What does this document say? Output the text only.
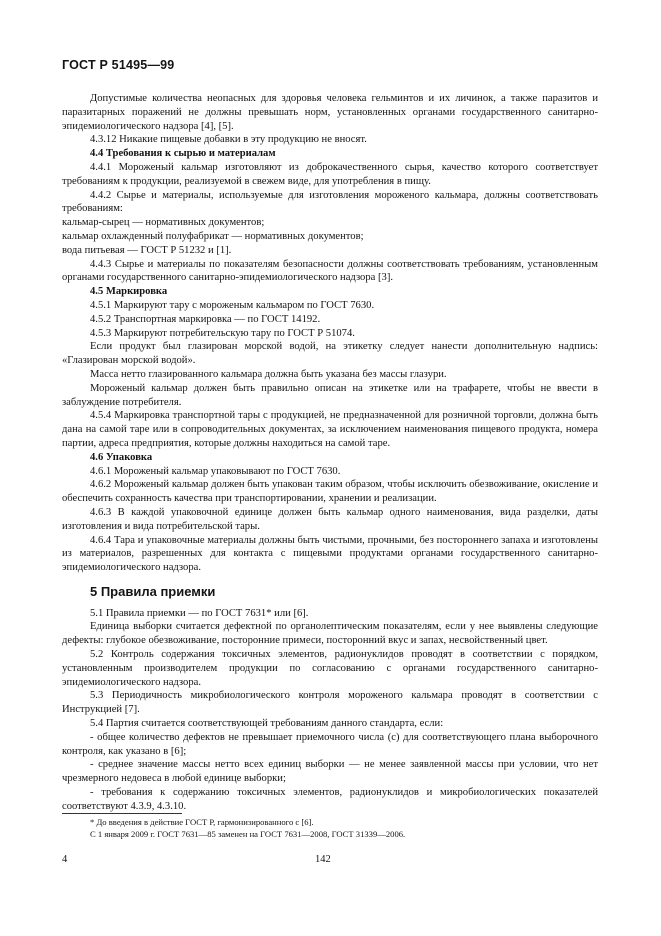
ГОСТ Р 51495—99

Допустимые количества неопасных для здоровья человека гельминтов и их личинок, а также паразитов и паразитарных поражений не должны превышать норм, установленных органами государственного санитарно-эпидемиологического надзора [4], [5].

4.3.12 Никакие пищевые добавки в эту продукцию не вносят.

4.4 Требования к сырью и материалам

4.4.1 Мороженый кальмар изготовляют из доброкачественного сырья, качество которого соответствует требованиям к продукции, реализуемой в свежем виде, для употребления в пищу.

4.4.2 Сырье и материалы, используемые для изготовления мороженого кальмара, должны соответствовать требованиям:

кальмар-сырец — нормативных документов;

кальмар охлажденный полуфабрикат — нормативных документов;

вода питьевая — ГОСТ Р 51232 и [1].

4.4.3 Сырье и материалы по показателям безопасности должны соответствовать требованиям, установленным органами государственного санитарно-эпидемиологического надзора [3].

4.5 Маркировка

4.5.1 Маркируют тару с мороженым кальмаром по ГОСТ 7630.

4.5.2 Транспортная маркировка — по ГОСТ 14192.

4.5.3 Маркируют потребительскую тару по ГОСТ Р 51074.

Если продукт был глазирован морской водой, на этикетку следует нанести дополнительную надпись: «Глазирован морской водой».

Масса нетто глазированного кальмара должна быть указана без массы глазури.

Мороженый кальмар должен быть правильно описан на этикетке или на трафарете, чтобы не ввести в заблуждение потребителя.

4.5.4 Маркировка транспортной тары с продукцией, не предназначенной для розничной торговли, должна быть дана на самой таре или в сопроводительных документах, за исключением наименования пищевого продукта, номера партии, адреса предприятия, которые должны находиться на самой таре.

4.6 Упаковка

4.6.1 Мороженый кальмар упаковывают по ГОСТ 7630.

4.6.2 Мороженый кальмар должен быть упакован таким образом, чтобы исключить обезвоживание, окисление и обеспечить сохранность качества при транспортировании, хранении и реализации.

4.6.3 В каждой упаковочной единице должен быть кальмар одного наименования, вида разделки, даты изготовления и вида потребительской тары.

4.6.4 Тара и упаковочные материалы должны быть чистыми, прочными, без постороннего запаха и изготовлены из материалов, разрешенных для контакта с пищевыми продуктами органами государственного санитарно-эпидемиологического надзора.

5 Правила приемки

5.1 Правила приемки — по ГОСТ 7631* или [6].

Единица выборки считается дефектной по органолептическим показателям, если у нее выявлены следующие дефекты: глубокое обезвоживание, посторонние примеси, посторонний вкус и запах, несвойственный цвет.

5.2 Контроль содержания токсичных элементов, радионуклидов проводят в соответствии с порядком, установленным производителем продукции по согласованию с органами государственного санитарно-эпидемиологического надзора.

5.3 Периодичность микробиологического контроля мороженого кальмара проводят в соответствии с Инструкцией [7].

5.4 Партия считается соответствующей требованиям данного стандарта, если:

- общее количество дефектов не превышает приемочного числа (c) для соответствующего плана выборочного контроля, как указано в [6];

- среднее значение массы нетто всех единиц выборки — не менее заявленной массы при условии, что нет чрезмерного недовеса в любой единице выборки;

- требования к содержанию токсичных элементов, радионуклидов и микробиологических показателей соответствуют 4.3.9, 4.3.10.

* До введения в действие ГОСТ Р, гармонизированного с [6].

С 1 января 2009 г. ГОСТ 7631—85 заменен на ГОСТ 7631—2008, ГОСТ 31339—2006.

4	142
